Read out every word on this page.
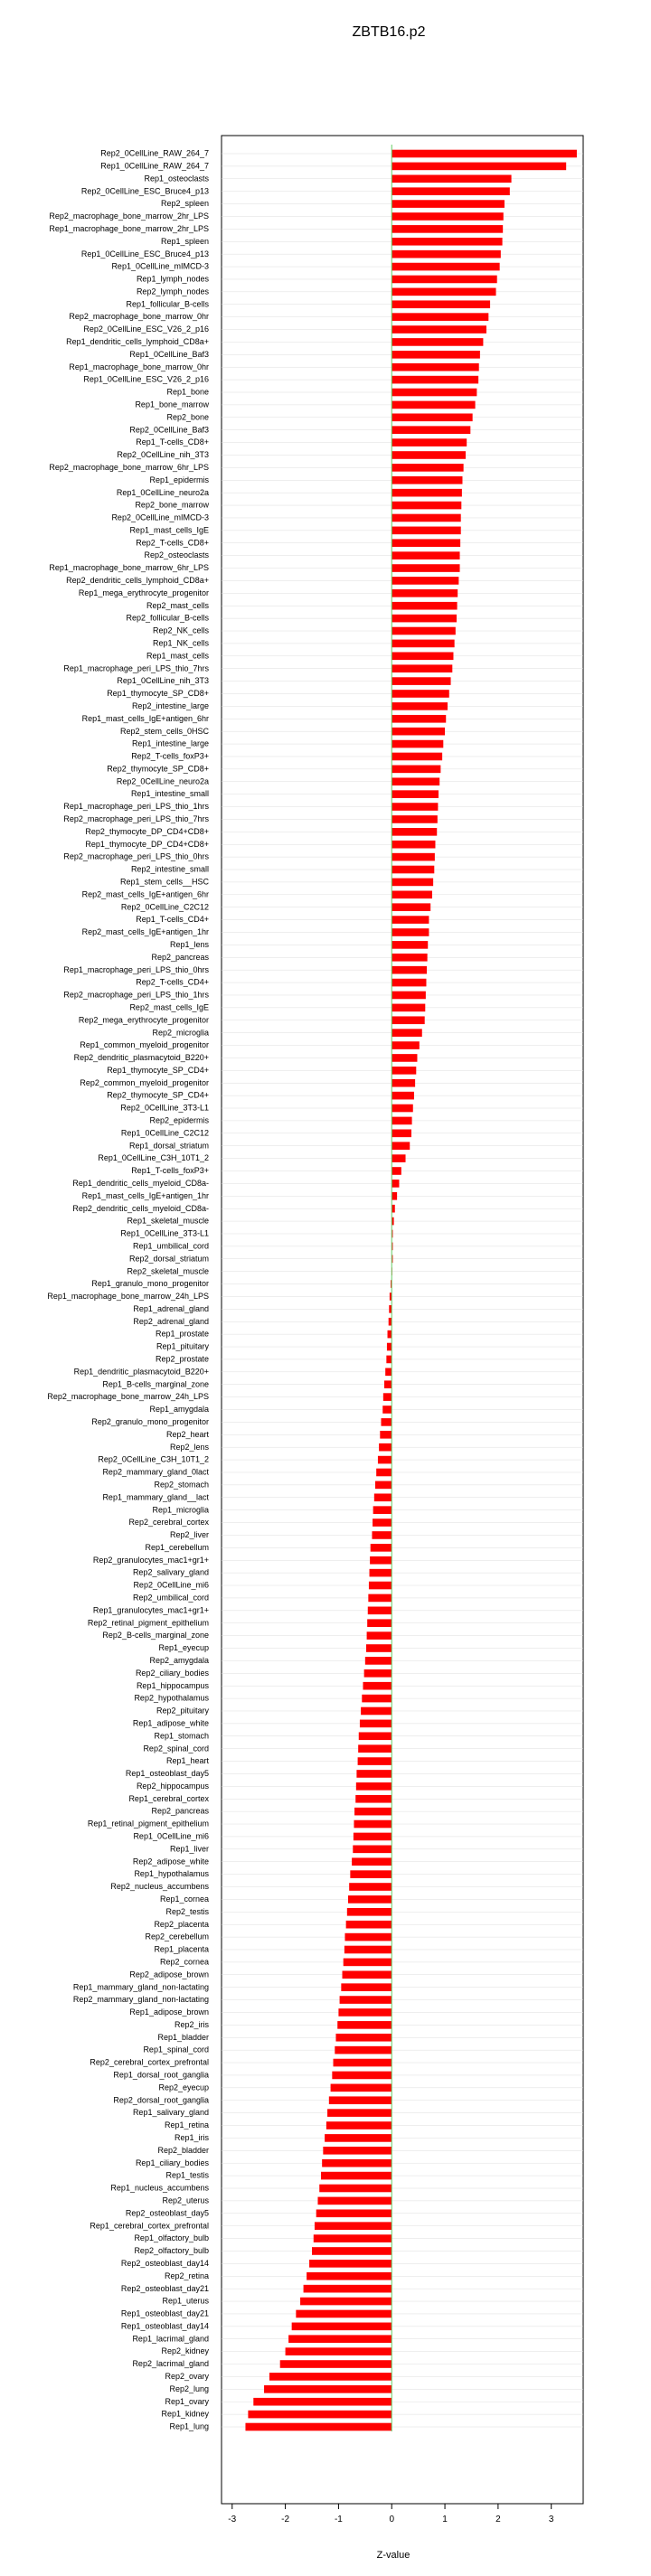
ZBTB16.p2
Rep2_0CellLine_RAW_264_7
Rep1_0CellLine_RAW_264_7
Rep1_osteoclasts
Rep2_0CellLine_ESC_Bruce4_p13
Rep2_spleen
Rep2_macrophage_bone_marrow_2hr_LPS
Rep1_macrophage_bone_marrow_2hr_LPS
Rep1_spleen
Rep1_0CellLine_ESC_Bruce4_p13
Rep1_0CellLine_mIMCD-3
Rep1_lymph_nodes
Rep2_lymph_nodes
Rep1_follicular_B-cells
Rep2_macrophage_bone_marrow_0hr
Rep2_0CellLine_ESC_V26_2_p16
Rep1_dendritic_cells_lymphoid_CD8a+
Rep1_0CellLine_Baf3
Rep1_macrophage_bone_marrow_0hr
Rep1_0CellLine_ESC_V26_2_p16
Rep1_bone
Rep1_bone_marrow
Rep2_bone
Rep2_0CellLine_Baf3
Rep1_T-cells_CD8+
Rep2_0CellLine_nih_3T3
Rep2_macrophage_bone_marrow_6hr_LPS
Rep1_epidermis
Rep1_0CellLine_neuro2a
Rep2_bone_marrow
Rep2_0CellLine_mIMCD-3
Rep1_mast_cells_IgE
Rep2_T-cells_CD8+
Rep2_osteoclasts
Rep1_macrophage_bone_marrow_6hr_LPS
Rep2_dendritic_cells_lymphoid_CD8a+
Rep1_mega_erythrocyte_progenitor
Rep2_mast_cells
Rep2_follicular_B-cells
Rep2_NK_cells
Rep1_NK_cells
Rep1_mast_cells
Rep1_macrophage_peri_LPS_thio_7hrs
Rep1_0CellLine_nih_3T3
Rep1_thymocyte_SP_CD8+
Rep2_intestine_large
Rep1_mast_cells_IgE+antigen_6hr
Rep2_stem_cells_0HSC
Rep1_intestine_large
Rep2_T-cells_foxP3+
Rep2_thymocyte_SP_CD8+
Rep2_0CellLine_neuro2a
Rep1_intestine_small
Rep1_macrophage_peri_LPS_thio_1hrs
Rep2_macrophage_peri_LPS_thio_7hrs
Rep2_thymocyte_DP_CD4+CD8+
Rep1_thymocyte_DP_CD4+CD8+
Rep2_macrophage_peri_LPS_thio_0hrs
Rep2_intestine_small
Rep1_stem_cells__HSC
Rep2_mast_cells_IgE+antigen_6hr
Rep2_0CellLine_C2C12
Rep1_T-cells_CD4+
Rep2_mast_cells_IgE+antigen_1hr
Rep1_lens
Rep2_pancreas
Rep1_macrophage_peri_LPS_thio_0hrs
Rep2_T-cells_CD4+
Rep2_macrophage_peri_LPS_thio_1hrs
Rep2_mast_cells_IgE
Rep2_mega_erythrocyte_progenitor
Rep2_microglia
Rep1_common_myeloid_progenitor
Rep2_dendritic_plasmacytoid_B220+
Rep1_thymocyte_SP_CD4+
Rep2_common_myeloid_progenitor
Rep2_thymocyte_SP_CD4+
Rep2_0CellLine_3T3-L1
Rep2_epidermis
Rep1_0CellLine_C2C12
Rep1_dorsal_striatum
Rep1_0CellLine_C3H_10T1_2
Rep1_T-cells_foxP3+
Rep1_dendritic_cells_myeloid_CD8a-
Rep1_mast_cells_IgE+antigen_1hr
Rep2_dendritic_cells_myeloid_CD8a-
Rep1_skeletal_muscle
Rep1_0CellLine_3T3-L1
Rep1_umbilical_cord
Rep2_dorsal_striatum
Rep2_skeletal_muscle
Rep1_granulo_mono_progenitor
Rep1_macrophage_bone_marrow_24h_LPS
Rep1_adrenal_gland
Rep2_adrenal_gland
Rep1_prostate
Rep1_pituitary
Rep2_prostate
Rep1_dendritic_plasmacytoid_B220+
Rep1_B-cells_marginal_zone
Rep2_macrophage_bone_marrow_24h_LPS
Rep1_amygdala
Rep2_granulo_mono_progenitor
Rep2_heart
Rep2_lens
Rep2_0CellLine_C3H_10T1_2
Rep2_mammary_gland_0lact
Rep2_stomach
Rep1_mammary_gland__lact
Rep1_microglia
Rep2_cerebral_cortex
Rep2_liver
Rep1_cerebellum
Rep2_granulocytes_mac1+gr1+
Rep2_salivary_gland
Rep2_0CellLine_mi6
Rep2_umbilical_cord
Rep1_granulocytes_mac1+gr1+
Rep2_retinal_pigment_epithelium
Rep2_B-cells_marginal_zone
Rep1_eyecup
Rep2_amygdala
Rep2_ciliary_bodies
Rep1_hippocampus
Rep2_hypothalamus
Rep2_pituitary
Rep1_adipose_white
Rep1_stomach
Rep2_spinal_cord
Rep1_heart
Rep1_osteoblast_day5
Rep2_hippocampus
Rep1_cerebral_cortex
Rep2_pancreas
Rep1_retinal_pigment_epithelium
Rep1_0CellLine_mi6
Rep1_liver
Rep2_adipose_white
Rep1_hypothalamus
Rep2_nucleus_accumbens
Rep1_cornea
Rep2_testis
Rep2_placenta
Rep2_cerebellum
Rep1_placenta
Rep2_cornea
Rep2_adipose_brown
Rep1_mammary_gland_non-lactating
Rep2_mammary_gland_non-lactating
Rep1_adipose_brown
Rep2_iris
Rep1_bladder
Rep1_spinal_cord
Rep2_cerebral_cortex_prefrontal
Rep1_dorsal_root_ganglia
Rep2_eyecup
Rep2_dorsal_root_ganglia
Rep1_salivary_gland
Rep1_retina
Rep1_iris
Rep2_bladder
Rep1_ciliary_bodies
Rep1_testis
Rep1_nucleus_accumbens
Rep2_uterus
Rep2_osteoblast_day5
Rep1_cerebral_cortex_prefrontal
Rep1_olfactory_bulb
Rep2_olfactory_bulb
Rep2_osteoblast_day14
Rep2_retina
Rep2_osteoblast_day21
Rep1_uterus
Rep1_osteoblast_day21
Rep1_osteoblast_day14
Rep1_lacrimal_gland
Rep2_kidney
Rep2_lacrimal_gland
Rep2_ovary
Rep2_lung
Rep1_ovary
Rep1_kidney
Rep1_lung
-3	-2	-1	0	1	2	3
Z-value
